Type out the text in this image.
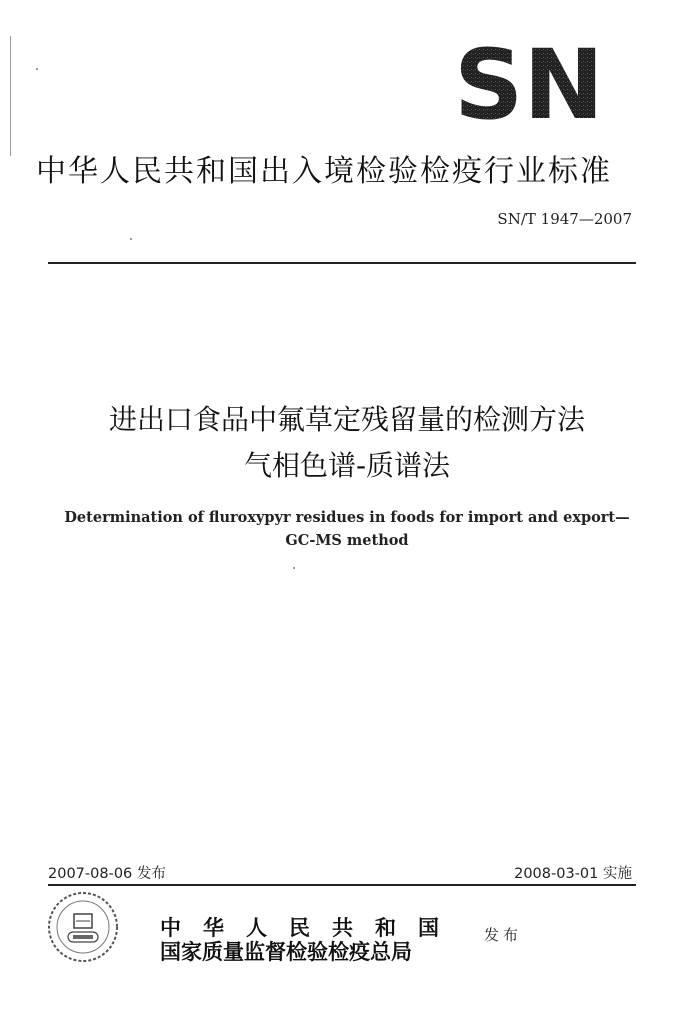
SN
中华人民共和国出入境检验检疫行业标准
SN/T 1947—2007
进出口食品中氟草定残留量的检测方法
气相色谱-质谱法
Determination of fluroxypyr residues in foods for import and export—
GC-MS method
2007-08-06 发布	2008-03-01 实施
中华人民共和国
国家质量监督检验检疫总局
发布
